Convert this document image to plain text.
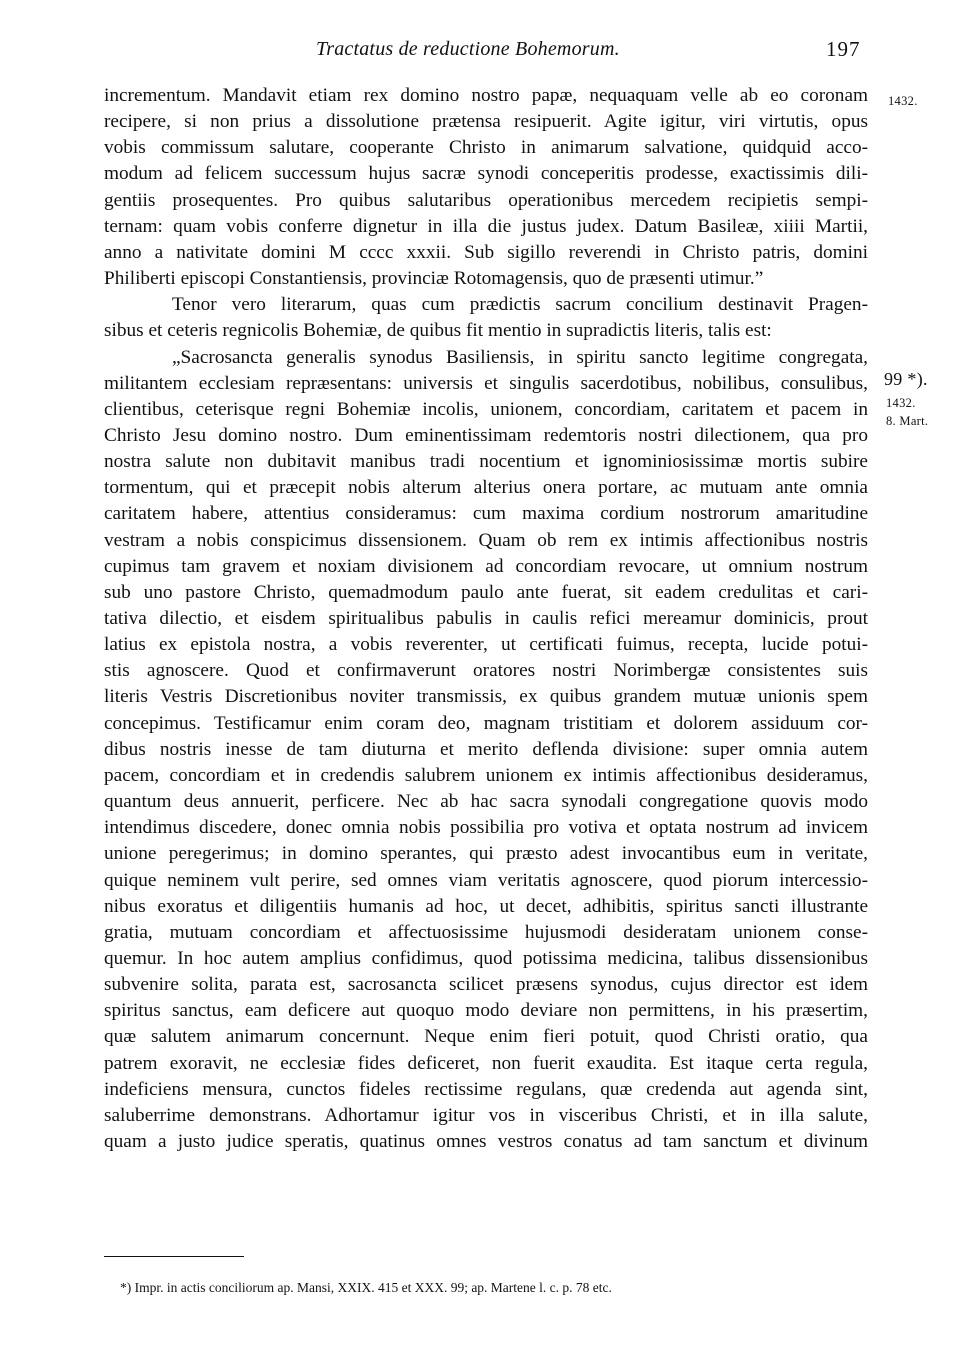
Tractatus de reductione Bohemorum.	197
1432.
99 *).
1432.
8. Mart.
incrementum. Mandavit etiam rex domino nostro papæ, nequaquam velle ab eo coronam
recipere, si non prius a dissolutione prætensa resipuerit. Agite igitur, viri virtutis, opus
vobis commissum salutare, cooperante Christo in animarum salvatione, quidquid acco-
modum ad felicem successum hujus sacræ synodi conceperitis prodesse, exactissimis dili-
gentiis prosequentes. Pro quibus salutaribus operationibus mercedem recipietis sempi-
ternam: quam vobis conferre dignetur in illa die justus judex. Datum Basileæ, xiiii Martii,
anno a nativitate domini M cccc xxxii. Sub sigillo reverendi in Christo patris, domini
Philiberti episcopi Constantiensis, provinciæ Rotomagensis, quo de præsenti utimur.”
Tenor vero literarum, quas cum prædictis sacrum concilium destinavit Pragen-
sibus et ceteris regnicolis Bohemiæ, de quibus fit mentio in supradictis literis, talis est:
„Sacrosancta generalis synodus Basiliensis, in spiritu sancto legitime congregata,
militantem ecclesiam repræsentans: universis et singulis sacerdotibus, nobilibus, consulibus,
clientibus, ceterisque regni Bohemiæ incolis, unionem, concordiam, caritatem et pacem in
Christo Jesu domino nostro. Dum eminentissimam redemtoris nostri dilectionem, qua pro
nostra salute non dubitavit manibus tradi nocentium et ignominiosissimæ mortis subire
tormentum, qui et præcepit nobis alterum alterius onera portare, ac mutuam ante omnia
caritatem habere, attentius consideramus: cum maxima cordium nostrorum amaritudine
vestram a nobis conspicimus dissensionem. Quam ob rem ex intimis affectionibus nostris
cupimus tam gravem et noxiam divisionem ad concordiam revocare, ut omnium nostrum
sub uno pastore Christo, quemadmodum paulo ante fuerat, sit eadem credulitas et cari-
tativa dilectio, et eisdem spiritualibus pabulis in caulis refici mereamur dominicis, prout
latius ex epistola nostra, a vobis reverenter, ut certificati fuimus, recepta, lucide potui-
stis agnoscere. Quod et confirmaverunt oratores nostri Norimbergæ consistentes suis
literis Vestris Discretionibus noviter transmissis, ex quibus grandem mutuæ unionis spem
concepimus. Testificamur enim coram deo, magnam tristitiam et dolorem assiduum cor-
dibus nostris inesse de tam diuturna et merito deflenda divisione: super omnia autem
pacem, concordiam et in credendis salubrem unionem ex intimis affectionibus desideramus,
quantum deus annuerit, perficere. Nec ab hac sacra synodali congregatione quovis modo
intendimus discedere, donec omnia nobis possibilia pro votiva et optata nostrum ad invicem
unione peregerimus; in domino sperantes, qui præsto adest invocantibus eum in veritate,
quique neminem vult perire, sed omnes viam veritatis agnoscere, quod piorum intercessio-
nibus exoratus et diligentiis humanis ad hoc, ut decet, adhibitis, spiritus sancti illustrante
gratia, mutuam concordiam et affectuosissime hujusmodi desideratam unionem conse-
quemur. In hoc autem amplius confidimus, quod potissima medicina, talibus dissensionibus
subvenire solita, parata est, sacrosancta scilicet præsens synodus, cujus director est idem
spiritus sanctus, eam deficere aut quoquo modo deviare non permittens, in his præsertim,
quæ salutem animarum concernunt. Neque enim fieri potuit, quod Christi oratio, qua
patrem exoravit, ne ecclesiæ fides deficeret, non fuerit exaudita. Est itaque certa regula,
indeficiens mensura, cunctos fideles rectissime regulans, quæ credenda aut agenda sint,
saluberrime demonstrans. Adhortamur igitur vos in visceribus Christi, et in illa salute,
quam a justo judice speratis, quatinus omnes vestros conatus ad tam sanctum et divinum
*) Impr. in actis conciliorum ap. Mansi, XXIX. 415 et XXX. 99; ap. Martene l. c. p. 78 etc.
